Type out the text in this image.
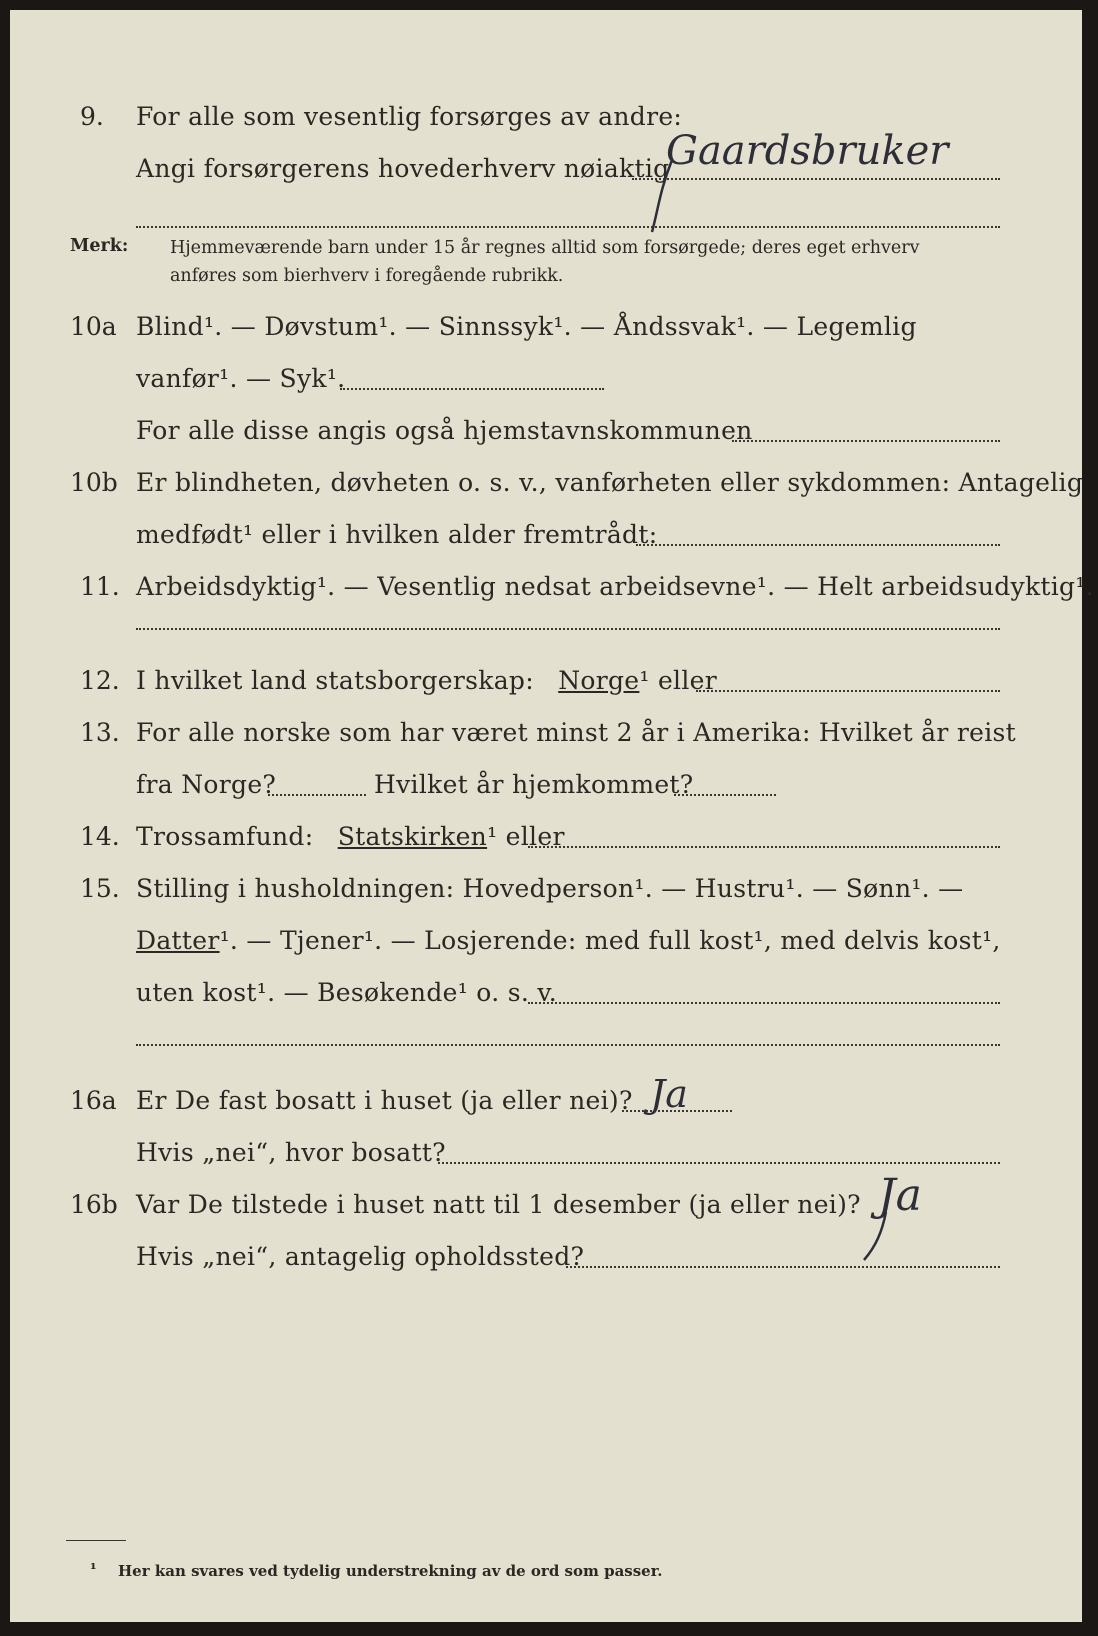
9. For alle som vesentlig forsørges av andre:
Angi forsørgerens hovederhverv nøiaktig
Gaardsbruker
Merk: Hjemmeværende barn under 15 år regnes alltid som forsørgede; deres eget erhverv
anføres som bierhverv i foregående rubrikk.
10a Blind¹. — Døvstum¹. — Sinnssyk¹. — Åndssvak¹. — Legemlig
vanfør¹. — Syk¹.
For alle disse angis også hjemstavnskommunen
10b Er blindheten, døvheten o. s. v., vanførheten eller sykdommen: Antagelig
medfødt¹ eller i hvilken alder fremtrådt:
11. Arbeidsdyktig¹. — Vesentlig nedsat arbeidsevne¹. — Helt arbeidsudyktig¹.
12. I hvilket land statsborgerskap: Norge¹ eller
13. For alle norske som har været minst 2 år i Amerika: Hvilket år reist
fra Norge?	Hvilket år hjemkommet?
14. Trossamfund: Statskirken¹ eller
15. Stilling i husholdningen: Hovedperson¹. — Hustru¹. — Sønn¹. —
Datter¹. — Tjener¹. — Losjerende: med full kost¹, med delvis kost¹,
uten kost¹. — Besøkende¹ o. s. v.
16a Er De fast bosatt i huset (ja eller nei)? Ja
Hvis „nei“, hvor bosatt?
16b Var De tilstede i huset natt til 1 desember (ja eller nei)? Ja
Hvis „nei“, antagelig opholdssted?
¹ Her kan svares ved tydelig understrekning av de ord som passer.
